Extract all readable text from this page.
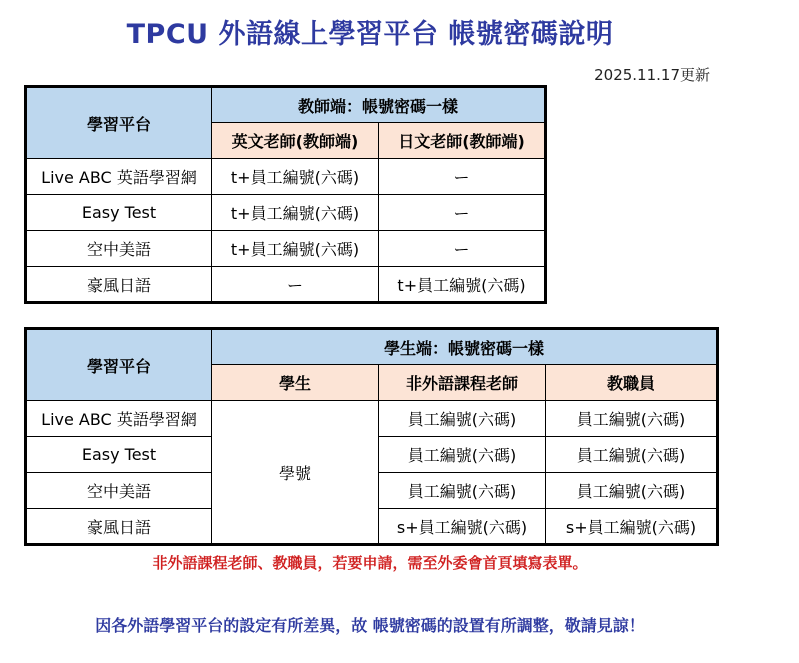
TPCU 外語線上學習平台 帳號密碼說明
2025.11.17更新
學習平台	教師端：帳號密碼一樣	
	英文老師(教師端)	日文老師(教師端)
Live ABC 英語學習網	t+員工編號(六碼)	ー
Easy Test	t+員工編號(六碼)	ー
空中美語	t+員工編號(六碼)	ー
豪風日語	ー	t+員工編號(六碼)
學習平台	學生端：帳號密碼一樣		
	學生	非外語課程老師	教職員
Live ABC 英語學習網	學號	員工編號(六碼)	員工編號(六碼)
Easy Test		員工編號(六碼)	員工編號(六碼)
空中美語		員工編號(六碼)	員工編號(六碼)
豪風日語		s+員工編號(六碼)	s+員工編號(六碼)
非外語課程老師、教職員，若要申請，需至外委會首頁填寫表單。
因各外語學習平台的設定有所差異，故 帳號密碼的設置有所調整，敬請見諒！
